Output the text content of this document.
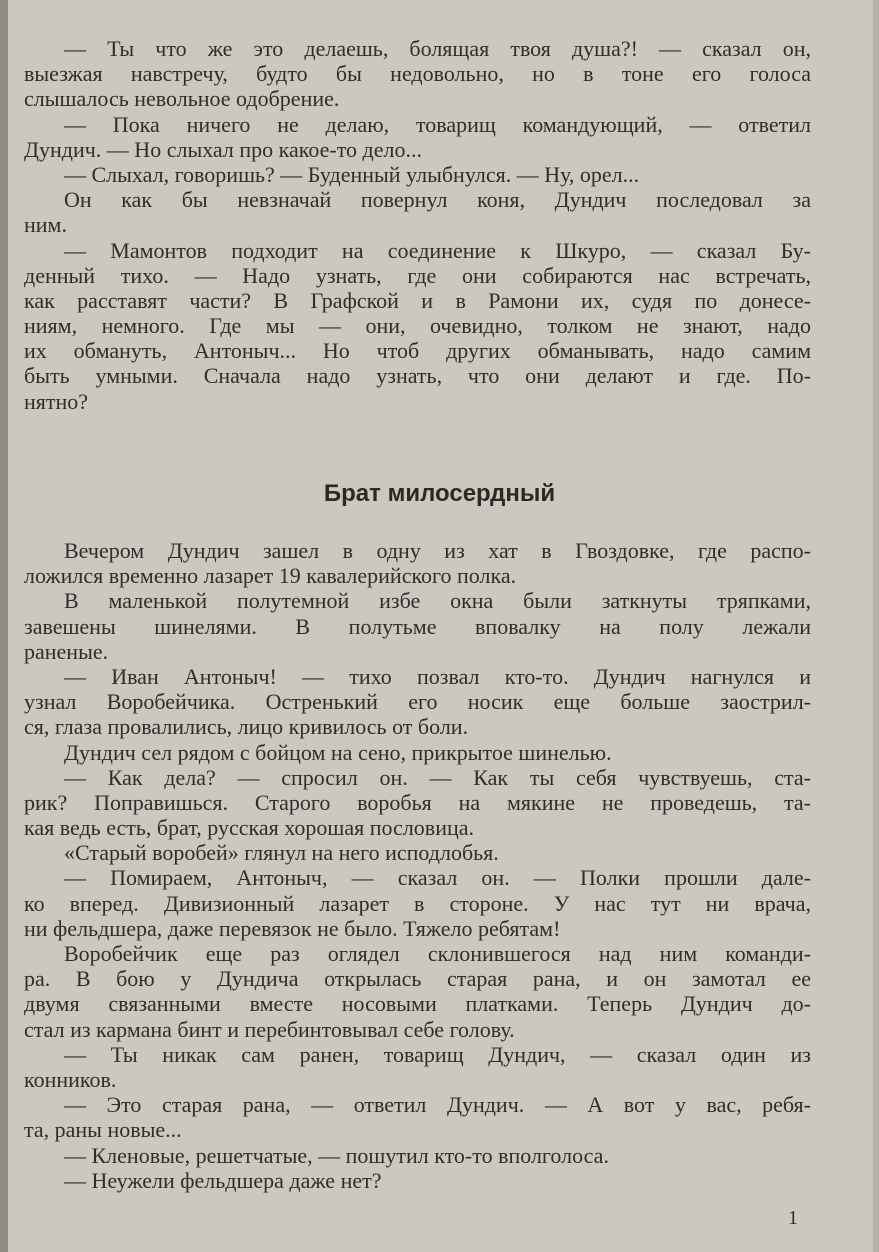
— Ты что же это делаешь, болящая твоя душа?! — сказал он,
выезжая навстречу, будто бы недовольно, но в тоне его голоса
слышалось невольное одобрение.
— Пока ничего не делаю, товарищ командующий, — ответил
Дундич. — Но слыхал про какое-то дело...
— Слыхал, говоришь? — Буденный улыбнулся. — Ну, орел...
Он как бы невзначай повернул коня, Дундич последовал за
ним.
— Мамонтов подходит на соединение к Шкуро, — сказал Бу-
денный тихо. — Надо узнать, где они собираются нас встречать,
как расставят части? В Графской и в Рамони их, судя по донесе-
ниям, немного. Где мы — они, очевидно, толком не знают, надо
их обмануть, Антоныч... Но чтоб других обманывать, надо самим
быть умными. Сначала надо узнать, что они делают и где. По-
нятно?
Брат милосердный
Вечером Дундич зашел в одну из хат в Гвоздовке, где распо-
ложился временно лазарет 19 кавалерийского полка.
В маленькой полутемной избе окна были заткнуты тряпками,
завешены шинелями. В полутьме вповалку на полу лежали
раненые.
— Иван Антоныч! — тихо позвал кто-то. Дундич нагнулся и
узнал Воробейчика. Остренький его носик еще больше заострил-
ся, глаза провалились, лицо кривилось от боли.
Дундич сел рядом с бойцом на сено, прикрытое шинелью.
— Как дела? — спросил он. — Как ты себя чувствуешь, ста-
рик? Поправишься. Старого воробья на мякине не проведешь, та-
кая ведь есть, брат, русская хорошая пословица.
«Старый воробей» глянул на него исподлобья.
— Помираем, Антоныч, — сказал он. — Полки прошли дале-
ко вперед. Дивизионный лазарет в стороне. У нас тут ни врача,
ни фельдшера, даже перевязок не было. Тяжело ребятам!
Воробейчик еще раз оглядел склонившегося над ним команди-
ра. В бою у Дундича открылась старая рана, и он замотал ее
двумя связанными вместе носовыми платками. Теперь Дундич до-
стал из кармана бинт и перебинтовывал себе голову.
— Ты никак сам ранен, товарищ Дундич, — сказал один из
конников.
— Это старая рана, — ответил Дундич. — А вот у вас, ребя-
та, раны новые...
— Кленовые, решетчатые, — пошутил кто-то вполголоса.
— Неужели фельдшера даже нет?
1
